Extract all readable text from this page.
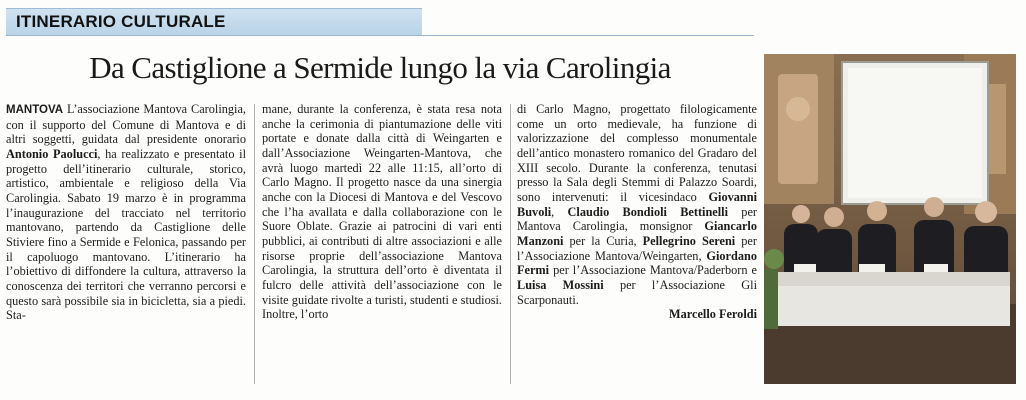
ITINERARIO CULTURALE
Da Castiglione a Sermide lungo la via Carolingia

MANTOVA L’associazione Mantova Carolingia, con il supporto del Comune di Mantova e di altri soggetti, guidata dal presidente onorario Antonio Paolucci, ha realizzato e presentato il progetto dell’itinerario culturale, storico, artistico, ambientale e religioso della Via Carolingia. Sabato 19 marzo è in programma l’inaugurazione del tracciato nel territorio mantovano, partendo da Castiglione delle Stiviere fino a Sermide e Felonica, passando per il capoluogo mantovano. L’itinerario ha l’obiettivo di diffondere la cultura, attraverso la conoscenza dei territori che verranno percorsi e questo sarà possibile sia in bicicletta, sia a piedi. Sta-

mane, durante la conferenza, è stata resa nota anche la cerimonia di piantumazione delle viti portate e donate dalla città di Weingarten e dall’Associazione Weingarten-Mantova, che avrà luogo martedì 22 alle 11:15, all’orto di Carlo Magno. Il progetto nasce da una sinergia anche con la Diocesi di Mantova e del Vescovo che l’ha avallata e dalla collaborazione con le Suore Oblate. Grazie ai patrocini di vari enti pubblici, ai contributi di altre associazioni e alle risorse proprie dell’associazione Mantova Carolingia, la struttura dell’orto è diventata il fulcro delle attività dell’associazione con le visite guidate rivolte a turisti, studenti e studiosi. Inoltre, l’orto

di Carlo Magno, progettato filologicamente come un orto medievale, ha funzione di valorizzazione del complesso monumentale dell’antico monastero romanico del Gradaro del XIII secolo. Durante la conferenza, tenutasi presso la Sala degli Stemmi di Palazzo Soardi, sono intervenuti: il vicesindaco Giovanni Buvoli, Claudio Bondioli Bettinelli per Mantova Carolingia, monsignor Giancarlo Manzoni per la Curia, Pellegrino Sereni per l’Associazione Mantova/Weingarten, Giordano Fermi per l’Associazione Mantova/Paderborn e Luisa Mossini per l’Associazione Gli Scarponauti.

Marcello Feroldi
